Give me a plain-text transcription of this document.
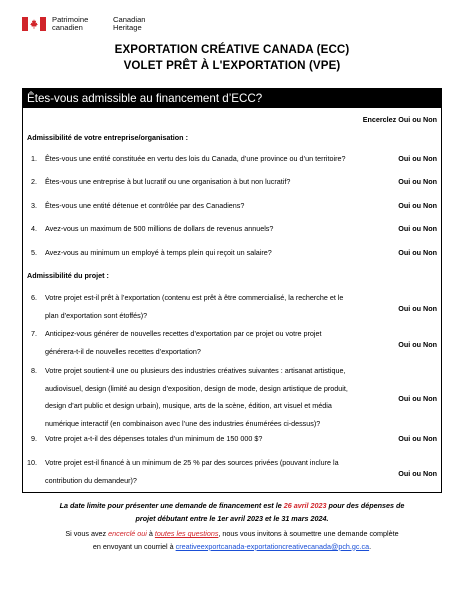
Patrimoine
canadien
Canadian
Heritage
EXPORTATION CRÉATIVE CANADA (ECC)
VOLET PRÊT À L'EXPORTATION (VPE)
Êtes-vous admissible au financement d’ECC?
Encerclez Oui ou Non
Admissibilité de votre entreprise/organisation :
Admissibilité du projet :
1. Êtes-vous une entité constituée en vertu des lois du Canada, d’une province ou d’un territoire?	Oui ou Non
2. Êtes-vous une entreprise à but lucratif ou une organisation à but non lucratif?	Oui ou Non
3. Êtes-vous une entité détenue et contrôlée par des Canadiens?	Oui ou Non
4. Avez-vous un maximum de 500 millions de dollars de revenus annuels?	Oui ou Non
5. Avez-vous au minimum un employé à temps plein qui reçoit un salaire?	Oui ou Non
6. Votre projet est-il prêt à l’exportation (contenu est prêt à être commercialisé, la recherche et le
plan d’exportation sont étoffés)?
Oui ou Non
7. Anticipez-vous générer de nouvelles recettes d’exportation par ce projet ou votre projet
générera-t-il de nouvelles recettes d’exportation?
Oui ou Non
8. Votre projet soutient-il une ou plusieurs des industries créatives suivantes : artisanat artistique,
audiovisuel, design (limité au design d’exposition, design de mode, design artistique de produit,
design d’art public et design urbain), musique, arts de la scène, édition, art visuel et média
numérique interactif (en combinaison avec l’une des industries énumérées ci-dessus)?
Oui ou Non
9. Votre projet a-t-il des dépenses totales d’un minimum de 150 000 $?	Oui ou Non
10. Votre projet est-il financé à un minimum de 25 % par des sources privées (pouvant inclure la
contribution du demandeur)?
Oui ou Non
La date limite pour présenter une demande de financement est le 26 avril 2023 pour des dépenses de
projet débutant entre le 1er avril 2023 et le 31 mars 2024.
Si vous avez encerclé oui à toutes les questions, nous vous invitons à soumettre une demande complète
en envoyant un courriel à creativeexportcanada-exportationcreativecanada@pch.gc.ca.
